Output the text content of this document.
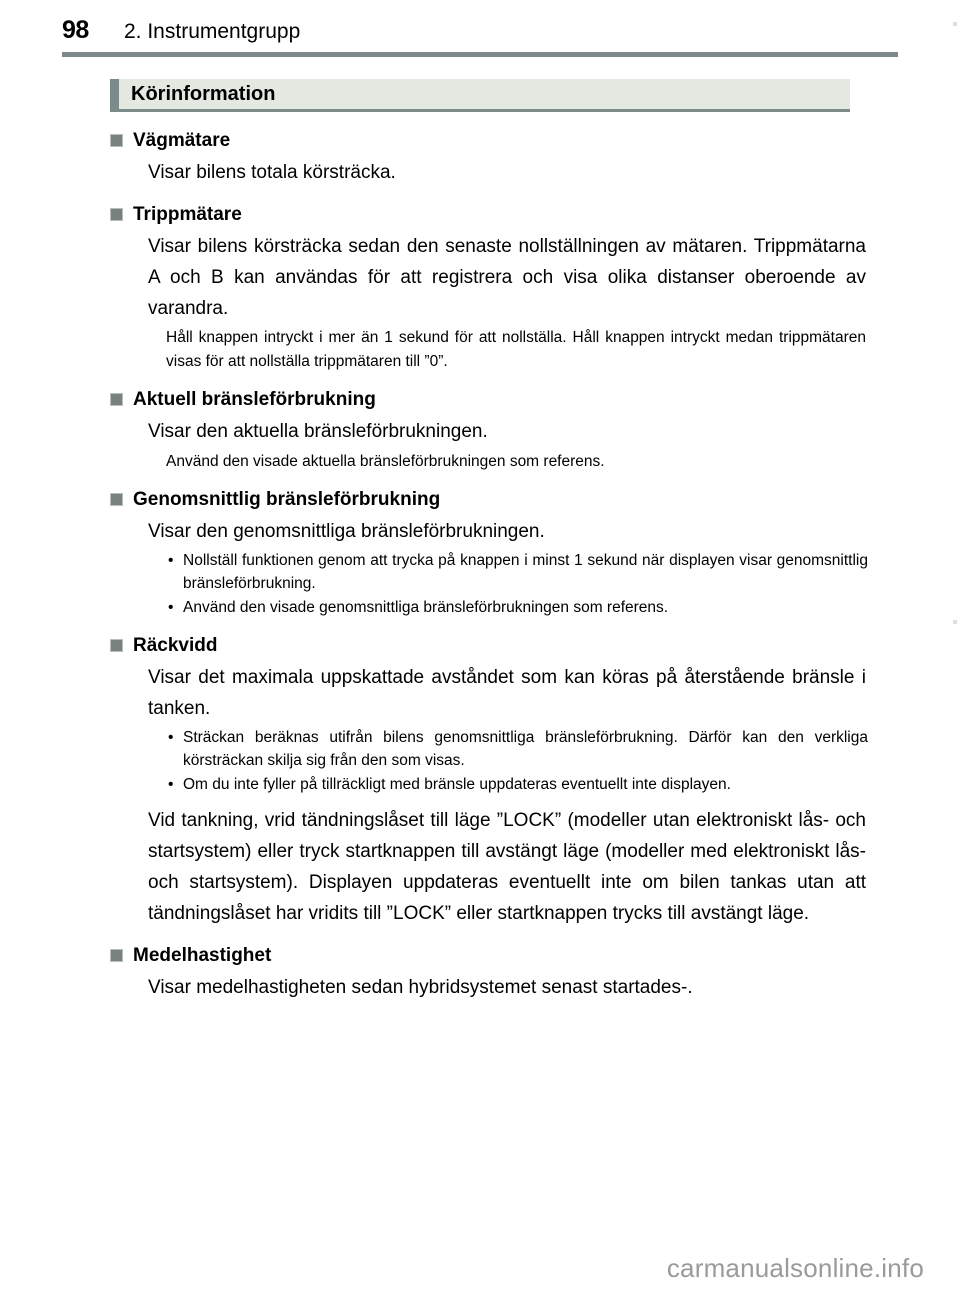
98	2. Instrumentgrupp
Körinformation
Vägmätare

Visar bilens totala körsträcka.

Trippmätare

Visar bilens körsträcka sedan den senaste nollställningen av mätaren. Trippmätarna A och B kan användas för att registrera och visa olika distanser oberoende av varandra.

Håll knappen intryckt i mer än 1 sekund för att nollställa. Håll knappen intryckt medan trippmätaren visas för att nollställa trippmätaren till ”0”.

Aktuell bränsleförbrukning

Visar den aktuella bränsleförbrukningen.

Använd den visade aktuella bränsleförbrukningen som referens.

Genomsnittlig bränsleförbrukning

Visar den genomsnittliga bränsleförbrukningen.

• Nollställ funktionen genom att trycka på knappen i minst 1 sekund när displayen visar genomsnittlig bränsleförbrukning.
• Använd den visade genomsnittliga bränsleförbrukningen som referens.
Räckvidd

Visar det maximala uppskattade avståndet som kan köras på återstående bränsle i tanken.

• Sträckan beräknas utifrån bilens genomsnittliga bränsleförbrukning. Därför kan den verkliga körsträckan skilja sig från den som visas.
• Om du inte fyller på tillräckligt med bränsle uppdateras eventuellt inte displayen.

Vid tankning, vrid tändningslåset till läge ”LOCK” (modeller utan elektroniskt lås- och startsystem) eller tryck startknappen till avstängt läge (modeller med elektroniskt lås- och startsystem). Displayen uppdateras eventuellt inte om bilen tankas utan att tändningslåset har vridits till ”LOCK” eller startknappen trycks till avstängt läge.

Medelhastighet

Visar medelhastigheten sedan hybridsystemet senast startades-.

carmanualsonline.info
